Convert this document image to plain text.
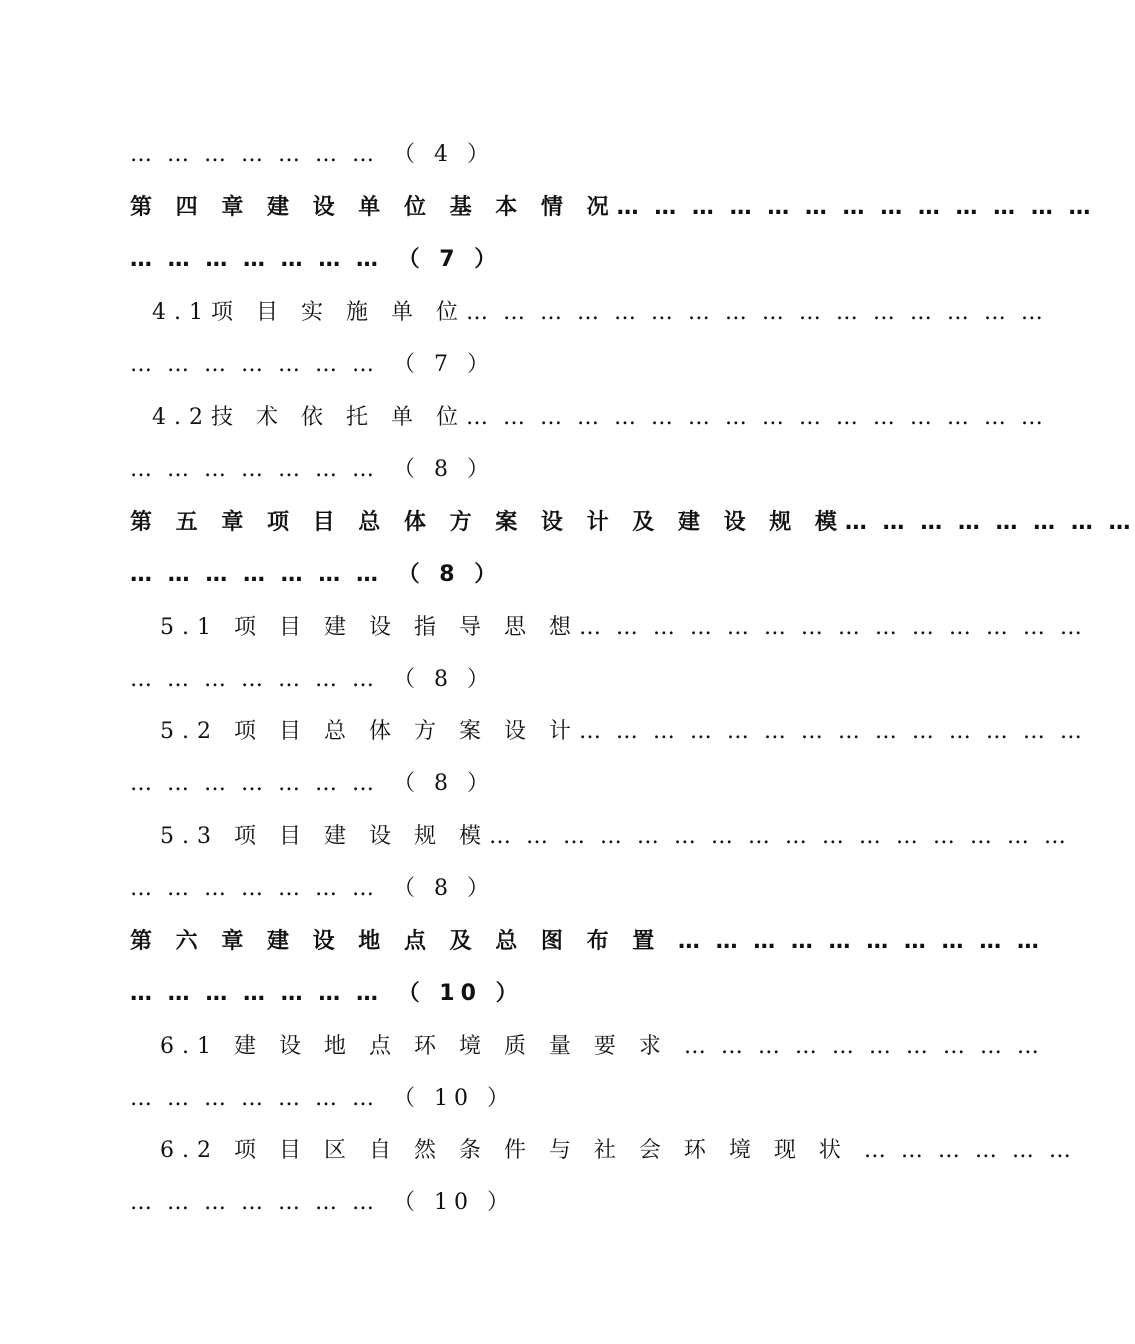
… … … … … … … （ 4 ）
第 四 章 建 设 单 位 基 本 情 况… … … … … … … … … … … … …
… … … … … … … （ 7 ）
4.1项 目 实 施 单 位… … … … … … … … … … … … … … … …
… … … … … … … （ 7 ）
4.2技 术 依 托 单 位… … … … … … … … … … … … … … … …
… … … … … … … （ 8 ）
第 五 章 项 目 总 体 方 案 设 计 及 建 设 规 模… … … … … … … …
… … … … … … … （ 8 ）
5.1 项 目 建 设 指 导 思 想… … … … … … … … … … … … … …
… … … … … … … （ 8 ）
5.2 项 目 总 体 方 案 设 计… … … … … … … … … … … … … …
… … … … … … … （ 8 ）
5.3 项 目 建 设 规 模… … … … … … … … … … … … … … … …
… … … … … … … （ 8 ）
第 六 章 建 设 地 点 及 总 图 布 置 … … … … … … … … … …
… … … … … … … （ 10 ）
6.1 建 设 地 点 环 境 质 量 要 求 … … … … … … … … … …
… … … … … … … （ 10 ）
6.2 项 目 区 自 然 条 件 与 社 会 环 境 现 状 … … … … … …
… … … … … … … （ 10 ）
